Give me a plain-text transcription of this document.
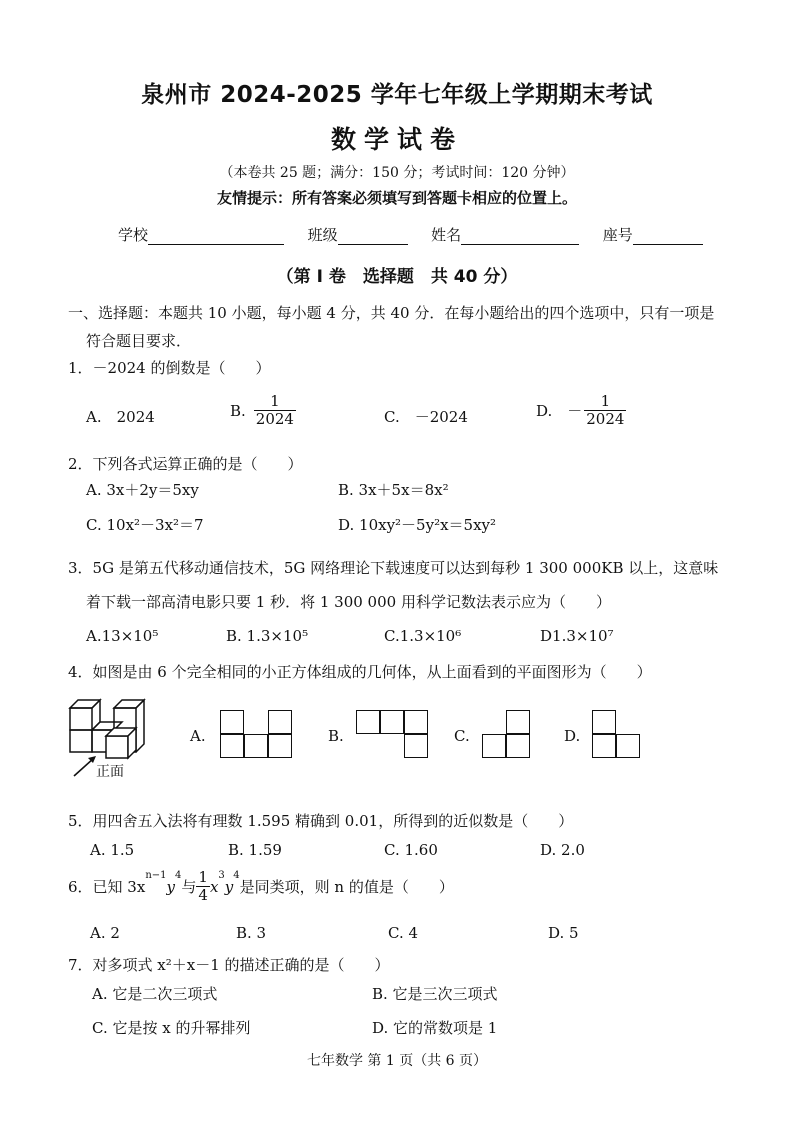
泉州市 2024-2025 学年七年级上学期期末考试
数学试卷
（本卷共 25 题；满分：150 分；考试时间：120 分钟）
友情提示：所有答案必须填写到答题卡相应的位置上。
学校	班级	姓名	座号
（第 I 卷　选择题　共 40 分）
一、选择题：本题共 10 小题，每小题 4 分，共 40 分．在每小题给出的四个选项中，只有一项是
符合题目要求．
1．－2024 的倒数是（　　）
A.　2024	B. $\frac{1}{2024}$	C.　－2024	D.　－ $\frac{1}{2024}$
2．下列各式运算正确的是（　　）
A. 3x＋2y＝5xy	B. 3x＋5x＝8x²
C. 10x²－3x²＝7	D. 10xy²－5y²x＝5xy²
3．5G 是第五代移动通信技术，5G 网络理论下载速度可以达到每秒 1 300 000KB 以上，这意味
着下载一部高清电影只要 1 秒．将 1 300 000 用科学记数法表示应为（　　）
A.13×10⁵	B. 1.3×10⁵	C.1.3×10⁶	D1.3×10⁷
4．如图是由 6 个完全相同的小正方体组成的几何体，从上面看到的平面图形为（　　）
正面
A.	B.	C.	D.
5．用四舍五入法将有理数 1.595 精确到 0.01，所得到的近似数是（　　）
A. 1.5	B. 1.59	C. 1.60	D. 2.0
6．已知 3x
$^{n-1}$
y
$^4$
与 $\frac{1}{4}$ x
$^3$
y
$^4$
是同类项，则 n 的值是（　　）
A. 2	B. 3	C. 4	D. 5
7．对多项式 x²＋x－1 的描述正确的是（　　）
A. 它是二次三项式	B. 它是三次三项式
C. 它是按 x 的升幂排列	D. 它的常数项是 1
七年数学 第 1 页（共 6 页）
